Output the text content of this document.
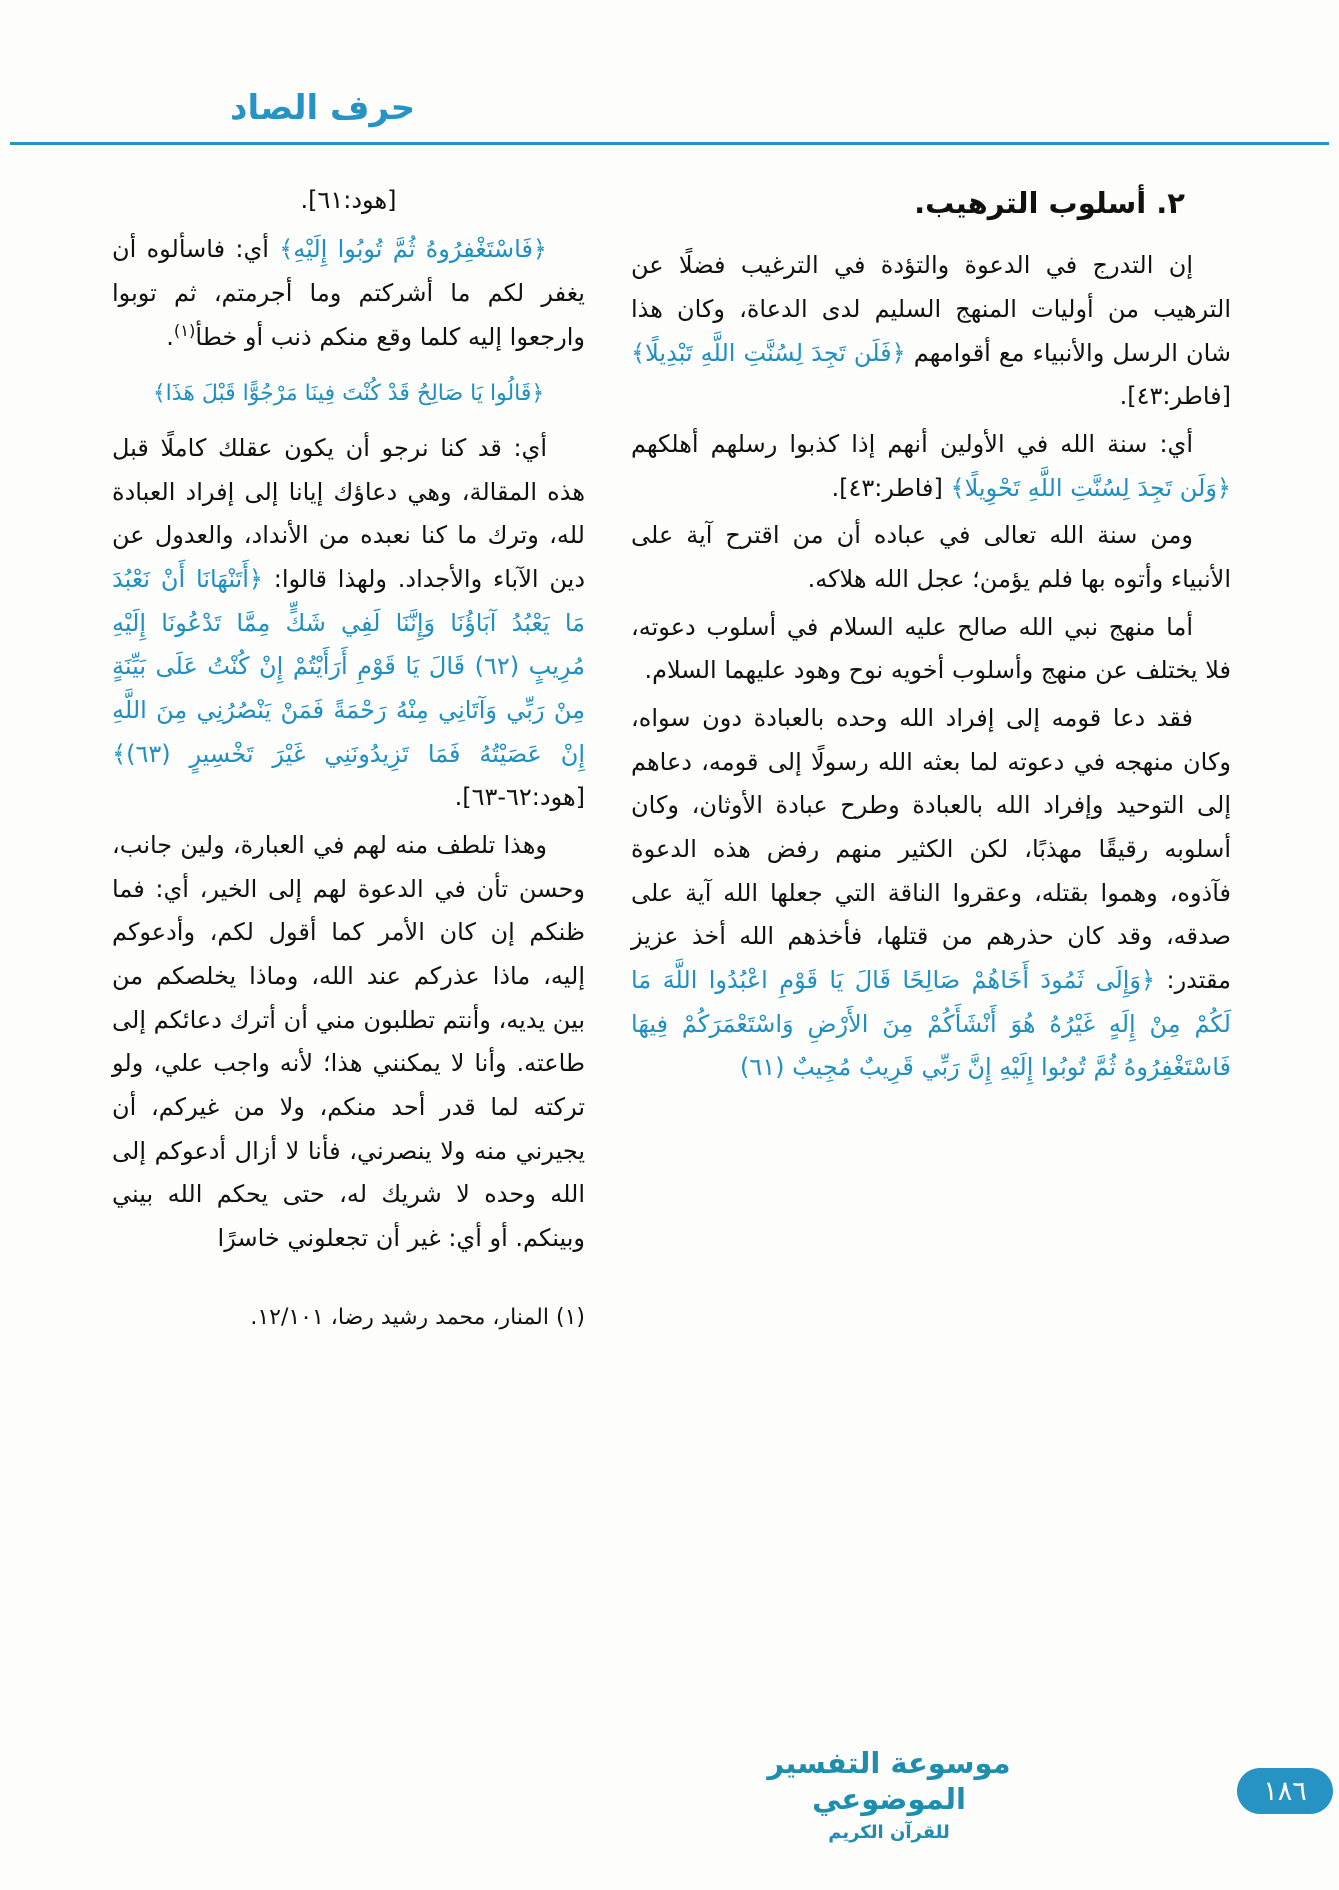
حرف الصاد
٢. أسلوب الترهيب.

إن التدرج في الدعوة والتؤدة في الترغيب فضلًا عن الترهيب من أوليات المنهج السليم لدى الدعاة، وكان هذا شان الرسل والأنبياء مع أقوامهم ﴿فَلَن تَجِدَ لِسُنَّتِ اللَّهِ تَبْدِيلًا﴾ [فاطر:٤٣].

أي: سنة الله في الأولين أنهم إذا كذبوا رسلهم أهلكهم ﴿وَلَن تَجِدَ لِسُنَّتِ اللَّهِ تَحْوِيلًا﴾ [فاطر:٤٣].

ومن سنة الله تعالى في عباده أن من اقترح آية على الأنبياء وأتوه بها فلم يؤمن؛ عجل الله هلاكه.

أما منهج نبي الله صالح عليه السلام في أسلوب دعوته، فلا يختلف عن منهج وأسلوب أخويه نوح وهود عليهما السلام.

فقد دعا قومه إلى إفراد الله وحده بالعبادة دون سواه، وكان منهجه في دعوته لما بعثه الله رسولًا إلى قومه، دعاهم إلى التوحيد وإفراد الله بالعبادة وطرح عبادة الأوثان، وكان أسلوبه رقيقًا مهذبًا، لكن الكثير منهم رفض هذه الدعوة فآذوه، وهموا بقتله، وعقروا الناقة التي جعلها الله آية على صدقه، وقد كان حذرهم من قتلها، فأخذهم الله أخذ عزيز مقتدر: ﴿وَإِلَى ثَمُودَ أَخَاهُمْ صَالِحًا قَالَ يَا قَوْمِ اعْبُدُوا اللَّهَ مَا لَكُمْ مِنْ إِلَهٍ غَيْرُهُ هُوَ أَنْشَأَكُمْ مِنَ الأَرْضِ وَاسْتَعْمَرَكُمْ فِيهَا فَاسْتَغْفِرُوهُ ثُمَّ تُوبُوا إِلَيْهِ إِنَّ رَبِّي قَرِيبٌ مُجِيبٌ (٦١)

[هود:٦١].

﴿فَاسْتَغْفِرُوهُ ثُمَّ تُوبُوا إِلَيْهِ﴾ أي: فاسألوه أن يغفر لكم ما أشركتم وما أجرمتم، ثم توبوا وارجعوا إليه كلما وقع منكم ذنب أو خطأ$^{(١)}$.

﴿قَالُوا يَا صَالِحُ قَدْ كُنْتَ فِينَا مَرْجُوًّا قَبْلَ هَذَا﴾

أي: قد كنا نرجو أن يكون عقلك كاملًا قبل هذه المقالة، وهي دعاؤك إيانا إلى إفراد العبادة لله، وترك ما كنا نعبده من الأنداد، والعدول عن دين الآباء والأجداد. ولهذا قالوا: ﴿أَتَنْهَانَا أَنْ نَعْبُدَ مَا يَعْبُدُ آبَاؤُنَا وَإِنَّنَا لَفِي شَكٍّ مِمَّا تَدْعُونَا إِلَيْهِ مُرِيبٍ (٦٢) قَالَ يَا قَوْمِ أَرَأَيْتُمْ إِنْ كُنْتُ عَلَى بَيِّنَةٍ مِنْ رَبِّي وَآتَانِي مِنْهُ رَحْمَةً فَمَنْ يَنْصُرُنِي مِنَ اللَّهِ إِنْ عَصَيْتُهُ فَمَا تَزِيدُونَنِي غَيْرَ تَخْسِيرٍ (٦٣)﴾ [هود:٦٢-٦٣].

وهذا تلطف منه لهم في العبارة، ولين جانب، وحسن تأن في الدعوة لهم إلى الخير، أي: فما ظنكم إن كان الأمر كما أقول لكم، وأدعوكم إليه، ماذا عذركم عند الله، وماذا يخلصكم من بين يديه، وأنتم تطلبون مني أن أترك دعائكم إلى طاعته. وأنا لا يمكنني هذا؛ لأنه واجب علي، ولو تركته لما قدر أحد منكم، ولا من غيركم، أن يجيرني منه ولا ينصرني، فأنا لا أزال أدعوكم إلى الله وحده لا شريك له، حتى يحكم الله بيني وبينكم. أو أي: غير أن تجعلوني خاسرًا

(١) المنار، محمد رشيد رضا، ١٢/١٠١.
موسوعة التفسير الموضوعي
للقرآن الكريم
١٨٦
